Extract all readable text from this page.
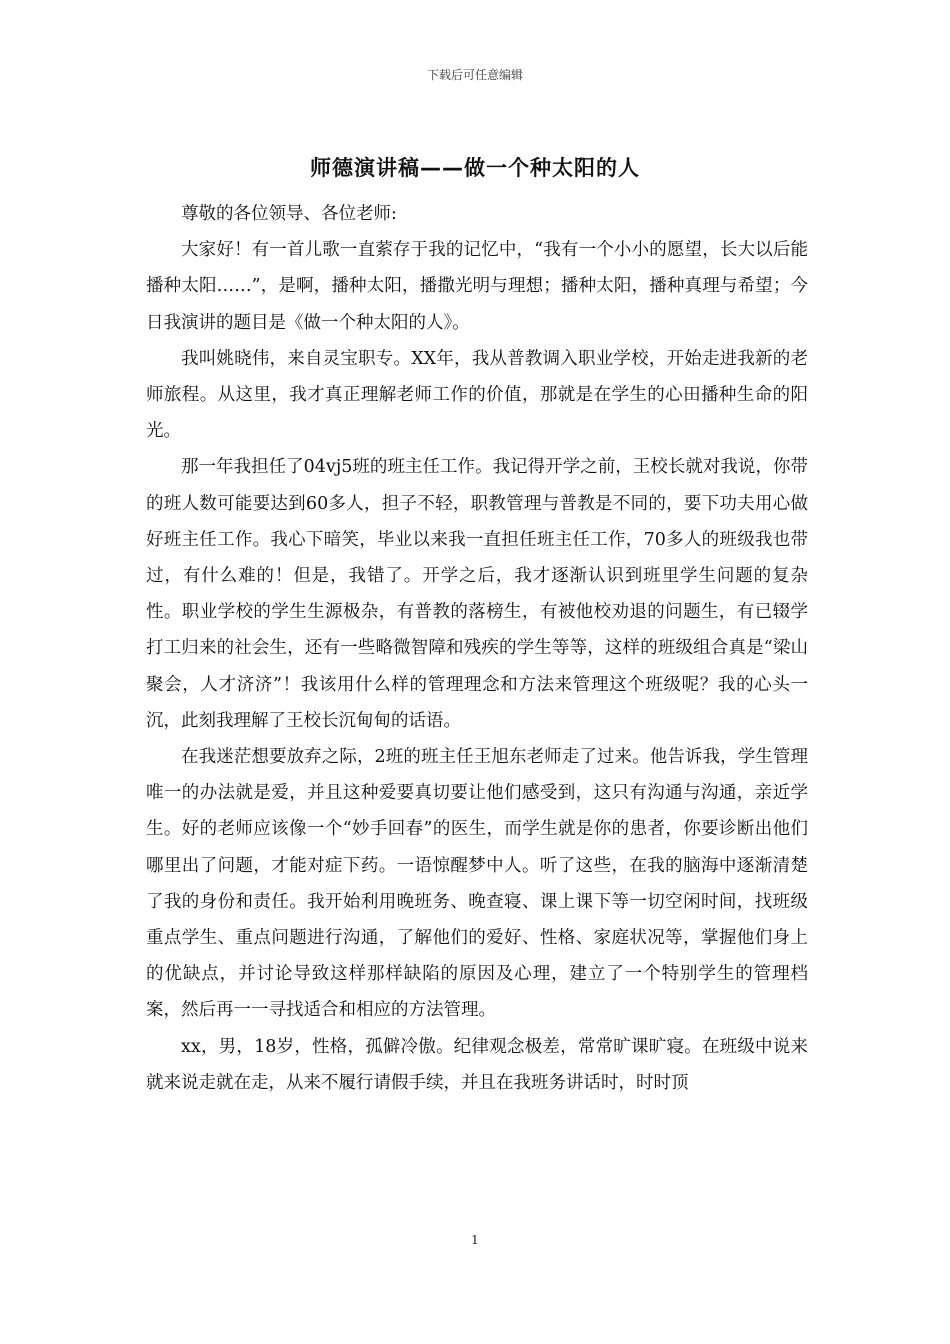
下载后可任意编辑
师德演讲稿——做一个种太阳的人

尊敬的各位领导、各位老师:

大家好！有一首儿歌一直萦存于我的记忆中，“我有一个小小的愿望，长大以后能播种太阳……”，是啊，播种太阳，播撒光明与理想；播种太阳，播种真理与希望；今日我演讲的题目是《做一个种太阳的人》。

我叫姚晓伟，来自灵宝职专。XX年，我从普教调入职业学校，开始走进我新的老师旅程。从这里，我才真正理解老师工作的价值，那就是在学生的心田播种生命的阳光。

那一年我担任了04vj5班的班主任工作。我记得开学之前，王校长就对我说，你带的班人数可能要达到60多人，担子不轻，职教管理与普教是不同的，要下功夫用心做好班主任工作。我心下暗笑，毕业以来我一直担任班主任工作，70多人的班级我也带过，有什么难的！但是，我错了。开学之后，我才逐渐认识到班里学生问题的复杂性。职业学校的学生生源极杂，有普教的落榜生，有被他校劝退的问题生，有已辍学打工归来的社会生，还有一些略微智障和残疾的学生等等，这样的班级组合真是“梁山聚会，人才济济”！我该用什么样的管理理念和方法来管理这个班级呢？我的心头一沉，此刻我理解了王校长沉甸甸的话语。

在我迷茫想要放弃之际，2班的班主任王旭东老师走了过来。他告诉我，学生管理唯一的办法就是爱，并且这种爱要真切要让他们感受到，这只有沟通与沟通，亲近学生。好的老师应该像一个“妙手回春”的医生，而学生就是你的患者，你要诊断出他们哪里出了问题，才能对症下药。一语惊醒梦中人。听了这些，在我的脑海中逐渐清楚了我的身份和责任。我开始利用晚班务、晚查寝、课上课下等一切空闲时间，找班级重点学生、重点问题进行沟通，了解他们的爱好、性格、家庭状况等，掌握他们身上的优缺点，并讨论导致这样那样缺陷的原因及心理，建立了一个特别学生的管理档案，然后再一一寻找适合和相应的方法管理。

xx，男，18岁，性格，孤僻冷傲。纪律观念极差，常常旷课旷寝。在班级中说来就来说走就在走，从来不履行请假手续，并且在我班务讲话时，时时顶

1
